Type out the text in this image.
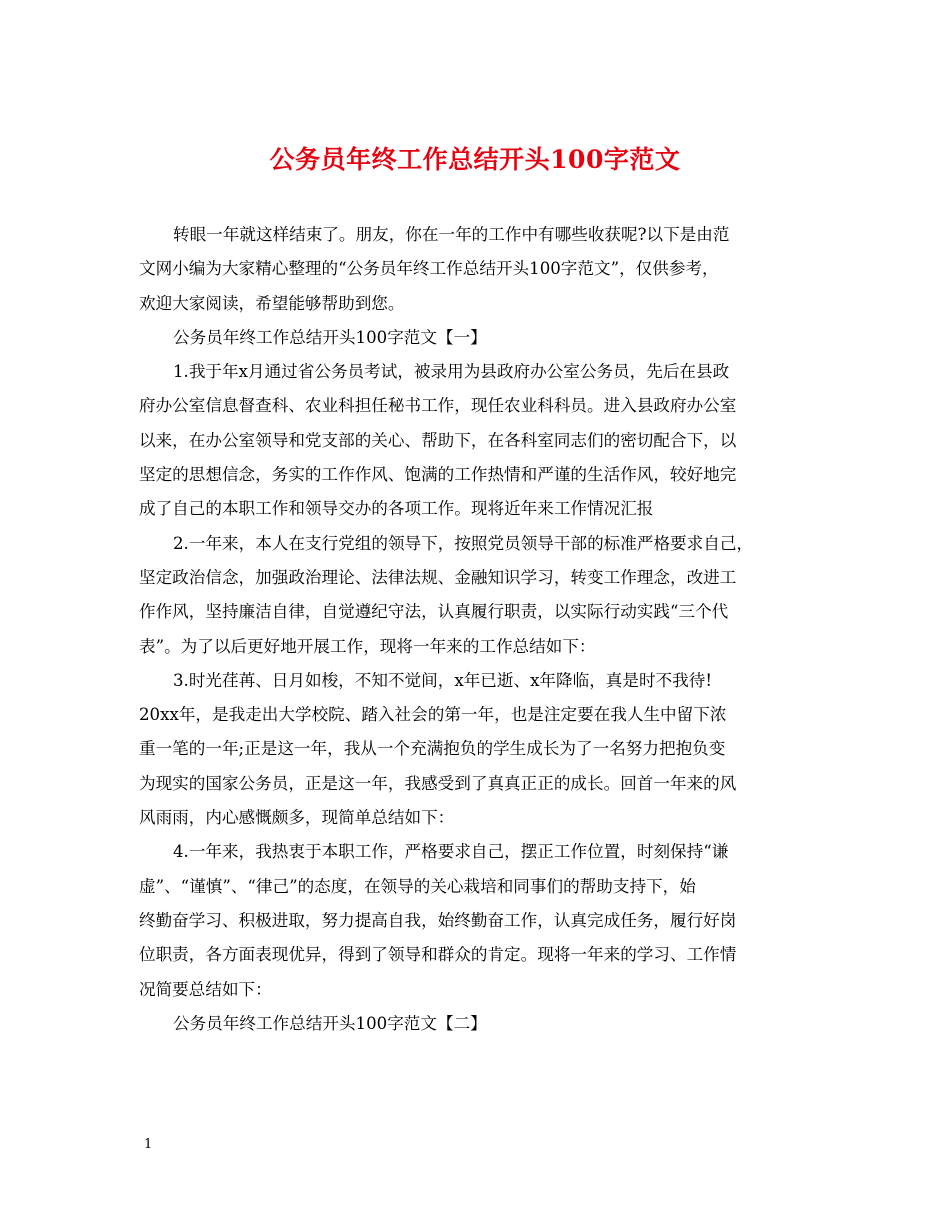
公务员年终工作总结开头100字范文
转眼一年就这样结束了。朋友，你在一年的工作中有哪些收获呢?以下是由范
文网小编为大家精心整理的“公务员年终工作总结开头100字范文”，仅供参考，
欢迎大家阅读，希望能够帮助到您。
公务员年终工作总结开头100字范文【一】
1.我于年x月通过省公务员考试，被录用为县政府办公室公务员，先后在县政
府办公室信息督查科、农业科担任秘书工作，现任农业科科员。进入县政府办公室
以来，在办公室领导和党支部的关心、帮助下，在各科室同志们的密切配合下，以
坚定的思想信念，务实的工作作风、饱满的工作热情和严谨的生活作风，较好地完
成了自己的本职工作和领导交办的各项工作。现将近年来工作情况汇报
2.一年来，本人在支行党组的领导下，按照党员领导干部的标准严格要求自己，
坚定政治信念，加强政治理论、法律法规、金融知识学习，转变工作理念，改进工
作作风，坚持廉洁自律，自觉遵纪守法，认真履行职责，以实际行动实践“三个代
表”。为了以后更好地开展工作，现将一年来的工作总结如下：
3.时光荏苒、日月如梭，不知不觉间，x年已逝、x年降临，真是时不我待!
20xx年，是我走出大学校院、踏入社会的第一年，也是注定要在我人生中留下浓
重一笔的一年;正是这一年，我从一个充满抱负的学生成长为了一名努力把抱负变
为现实的国家公务员，正是这一年，我感受到了真真正正的成长。回首一年来的风
风雨雨，内心感慨颇多，现简单总结如下：
4.一年来，我热衷于本职工作，严格要求自己，摆正工作位置，时刻保持“谦
虚”、“谨慎”、“律己”的态度，在领导的关心栽培和同事们的帮助支持下，始
终勤奋学习、积极进取，努力提高自我，始终勤奋工作，认真完成任务，履行好岗
位职责，各方面表现优异，得到了领导和群众的肯定。现将一年来的学习、工作情
况简要总结如下：
公务员年终工作总结开头100字范文【二】
1
